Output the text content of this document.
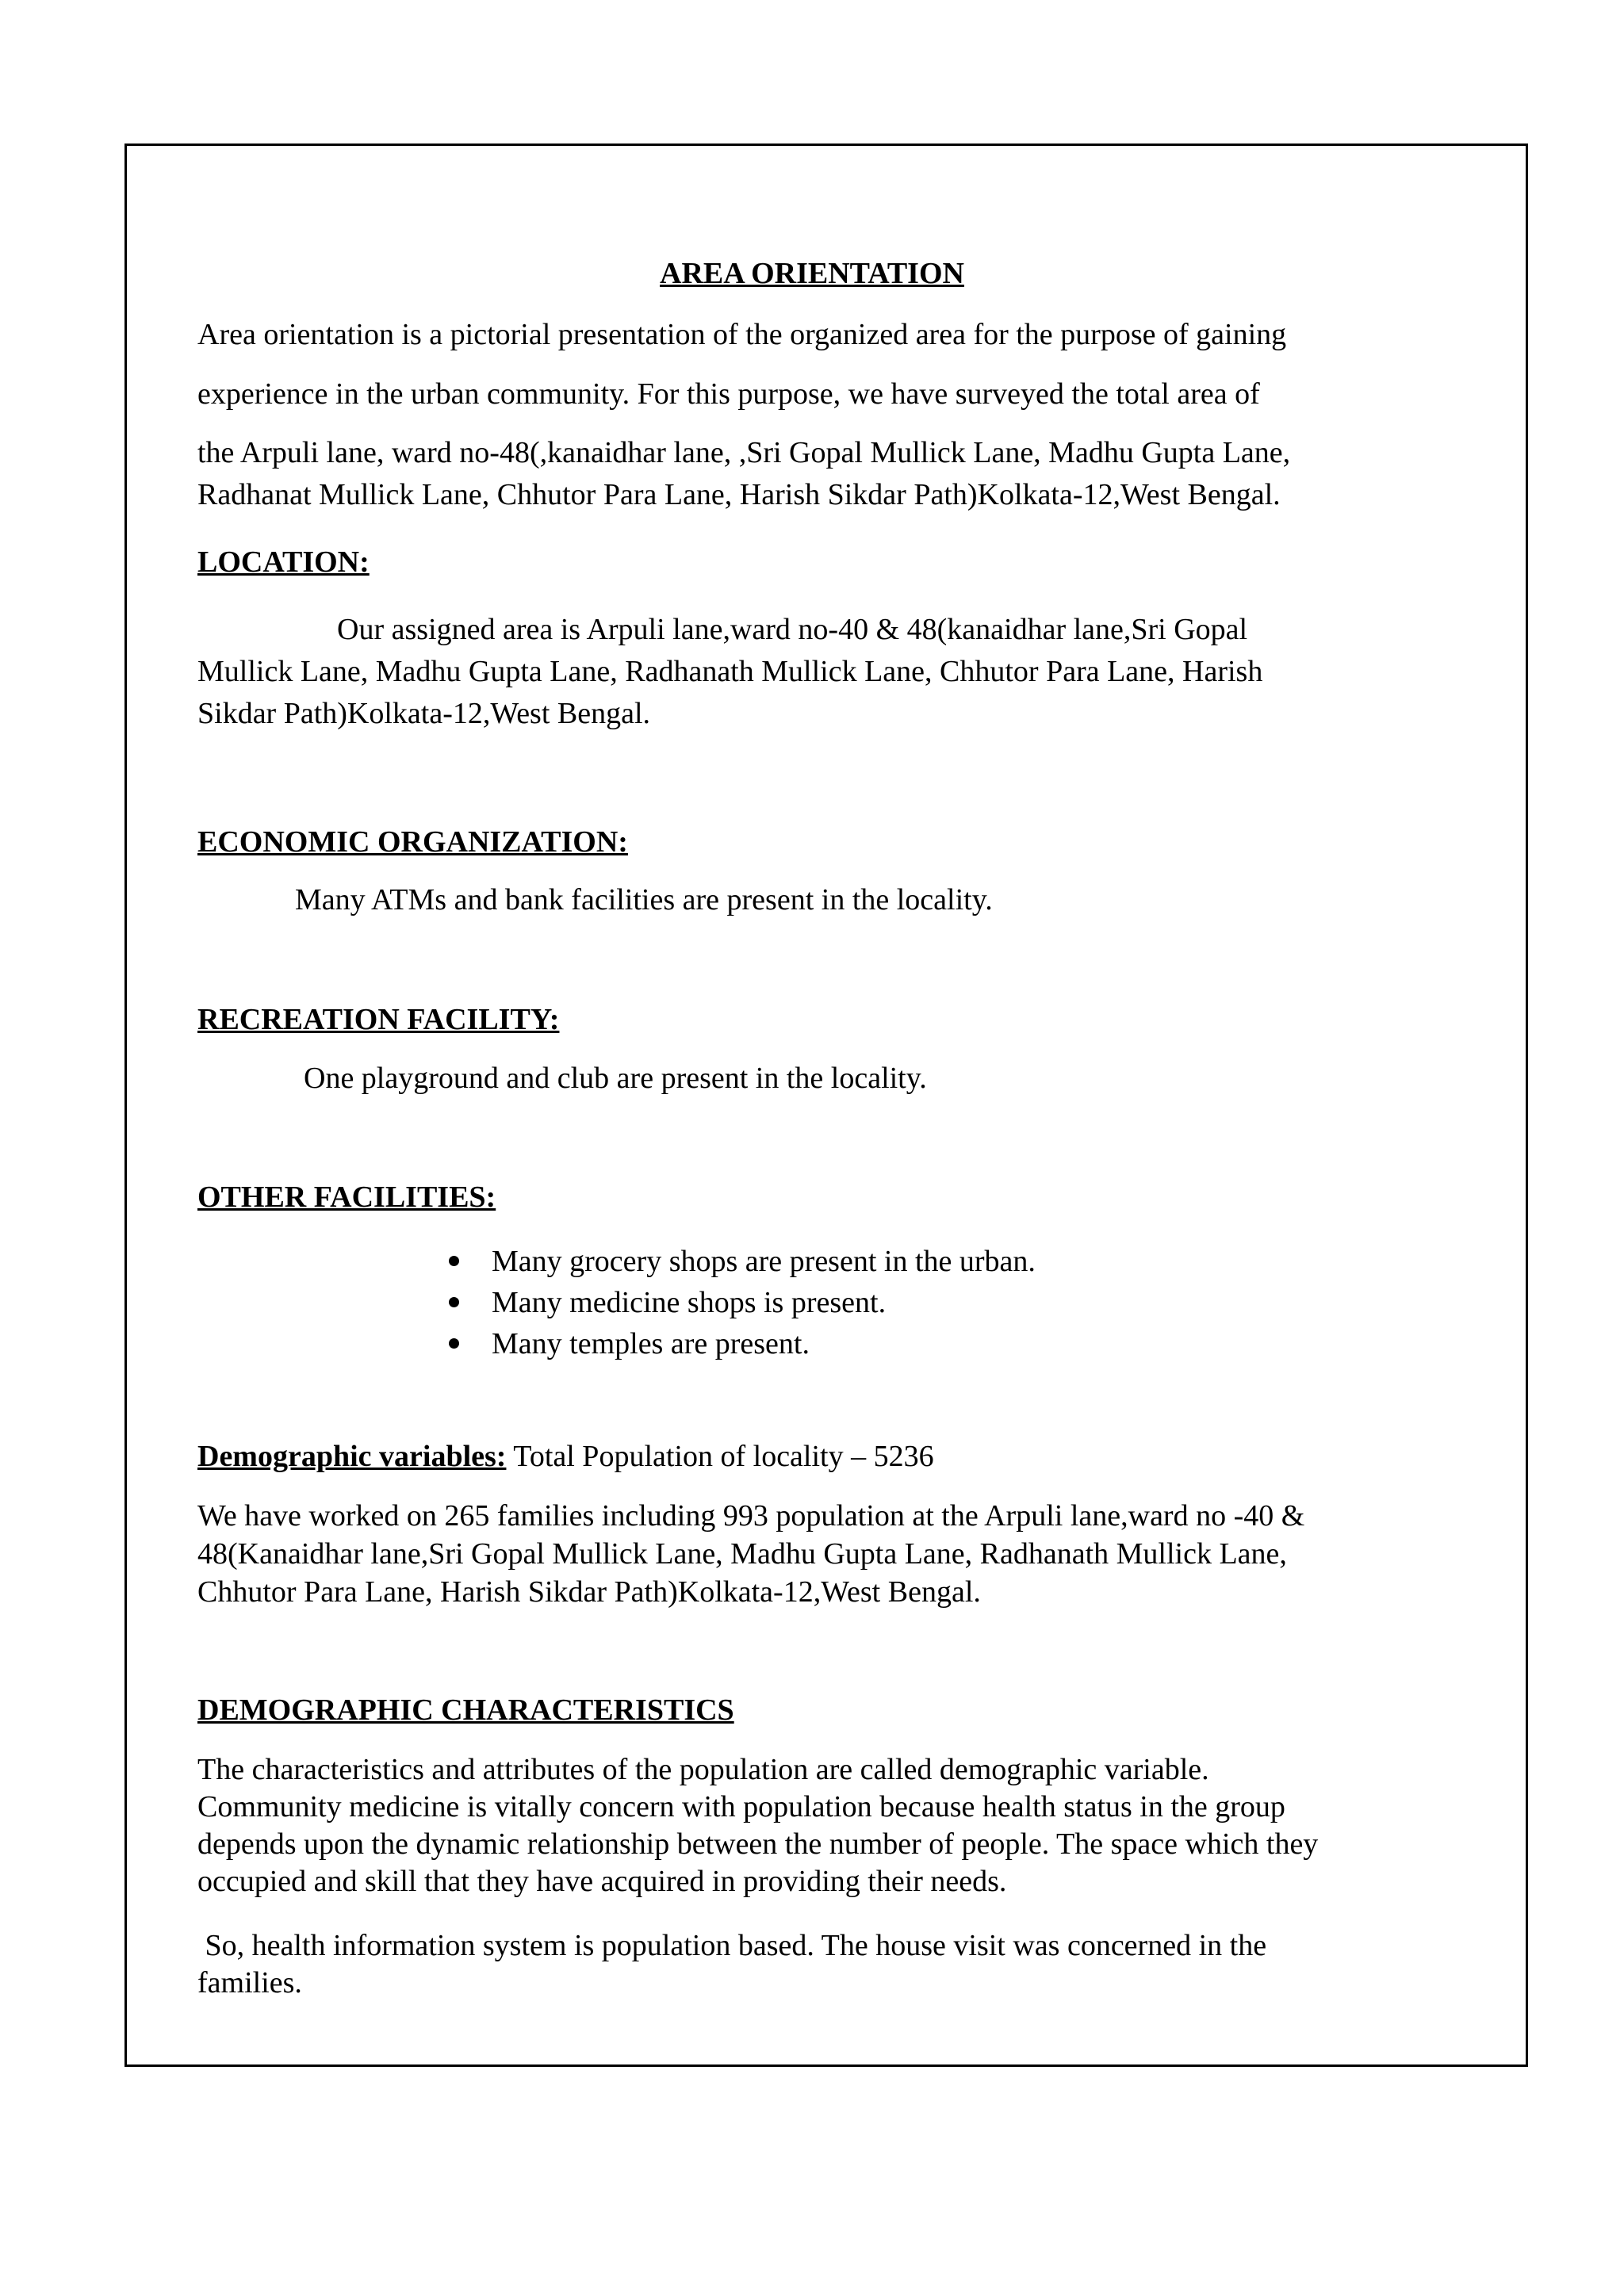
AREA ORIENTATION
Area orientation is a pictorial presentation of the organized area for the purpose of gaining
experience in the urban community. For this purpose, we have surveyed the total area of
the Arpuli lane, ward no-48(,kanaidhar lane, ,Sri Gopal Mullick Lane, Madhu Gupta Lane,
Radhanat Mullick Lane, Chhutor Para Lane, Harish Sikdar Path)Kolkata-12,West Bengal.
LOCATION:
Our assigned area is Arpuli lane,ward no-40 & 48(kanaidhar lane,Sri Gopal
Mullick Lane, Madhu Gupta Lane, Radhanath Mullick Lane, Chhutor Para Lane, Harish
Sikdar Path)Kolkata-12,West Bengal.
ECONOMIC ORGANIZATION:
Many ATMs and bank facilities are present in the locality.
RECREATION FACILITY:
One playground and club are present in the locality.
OTHER FACILITIES:
Many grocery shops are present in the urban.
Many medicine shops is present.
Many temples are present.
Demographic variables: Total Population of locality – 5236
We have worked on 265 families including 993 population at the Arpuli lane,ward no -40 &
48(Kanaidhar lane,Sri Gopal Mullick Lane, Madhu Gupta Lane, Radhanath Mullick Lane,
Chhutor Para Lane, Harish Sikdar Path)Kolkata-12,West Bengal.
DEMOGRAPHIC CHARACTERISTICS
The characteristics and attributes of the population are called demographic variable.
Community medicine is vitally concern with population because health status in the group
depends upon the dynamic relationship between the number of people. The space which they
occupied and skill that they have acquired in providing their needs.
So, health information system is population based. The house visit was concerned in the
families.
